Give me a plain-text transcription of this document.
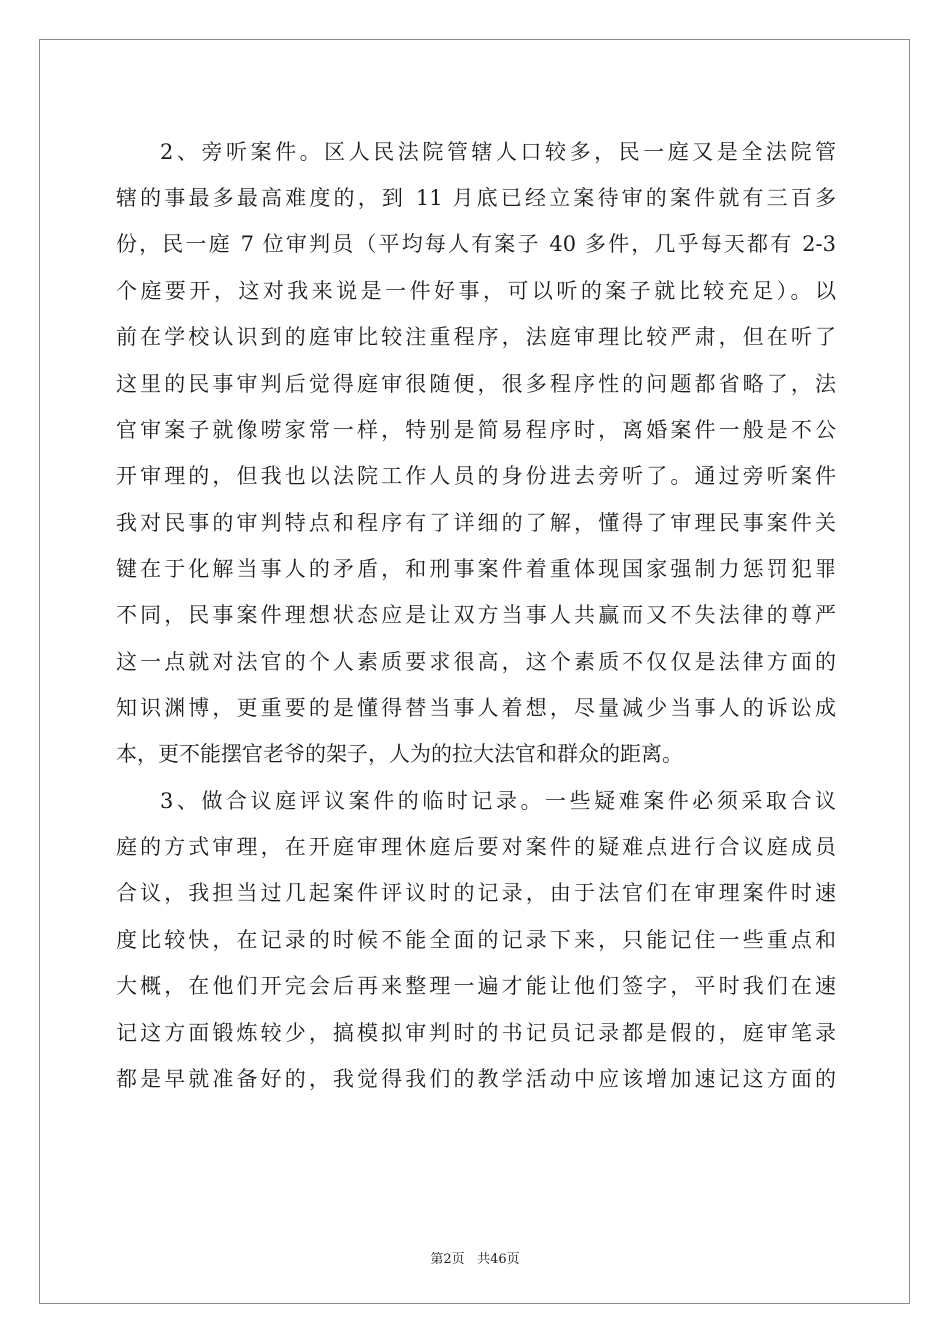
2、旁听案件。区人民法院管辖人口较多，民一庭又是全法院管
辖的事最多最高难度的，到 11 月底已经立案待审的案件就有三百多
份，民一庭 7 位审判员（平均每人有案子 40 多件，几乎每天都有 2-3
个庭要开，这对我来说是一件好事，可以听的案子就比较充足）。以
前在学校认识到的庭审比较注重程序，法庭审理比较严肃，但在听了
这里的民事审判后觉得庭审很随便，很多程序性的问题都省略了，法
官审案子就像唠家常一样，特别是简易程序时，离婚案件一般是不公
开审理的，但我也以法院工作人员的身份进去旁听了。通过旁听案件
我对民事的审判特点和程序有了详细的了解，懂得了审理民事案件关
键在于化解当事人的矛盾，和刑事案件着重体现国家强制力惩罚犯罪
不同，民事案件理想状态应是让双方当事人共赢而又不失法律的尊严
这一点就对法官的个人素质要求很高，这个素质不仅仅是法律方面的
知识渊博，更重要的是懂得替当事人着想，尽量减少当事人的诉讼成
本，更不能摆官老爷的架子，人为的拉大法官和群众的距离。
3、做合议庭评议案件的临时记录。一些疑难案件必须采取合议
庭的方式审理，在开庭审理休庭后要对案件的疑难点进行合议庭成员
合议，我担当过几起案件评议时的记录，由于法官们在审理案件时速
度比较快，在记录的时候不能全面的记录下来，只能记住一些重点和
大概，在他们开完会后再来整理一遍才能让他们签字，平时我们在速
记这方面锻炼较少，搞模拟审判时的书记员记录都是假的，庭审笔录
都是早就准备好的，我觉得我们的教学活动中应该增加速记这方面的
第2页 共46页
